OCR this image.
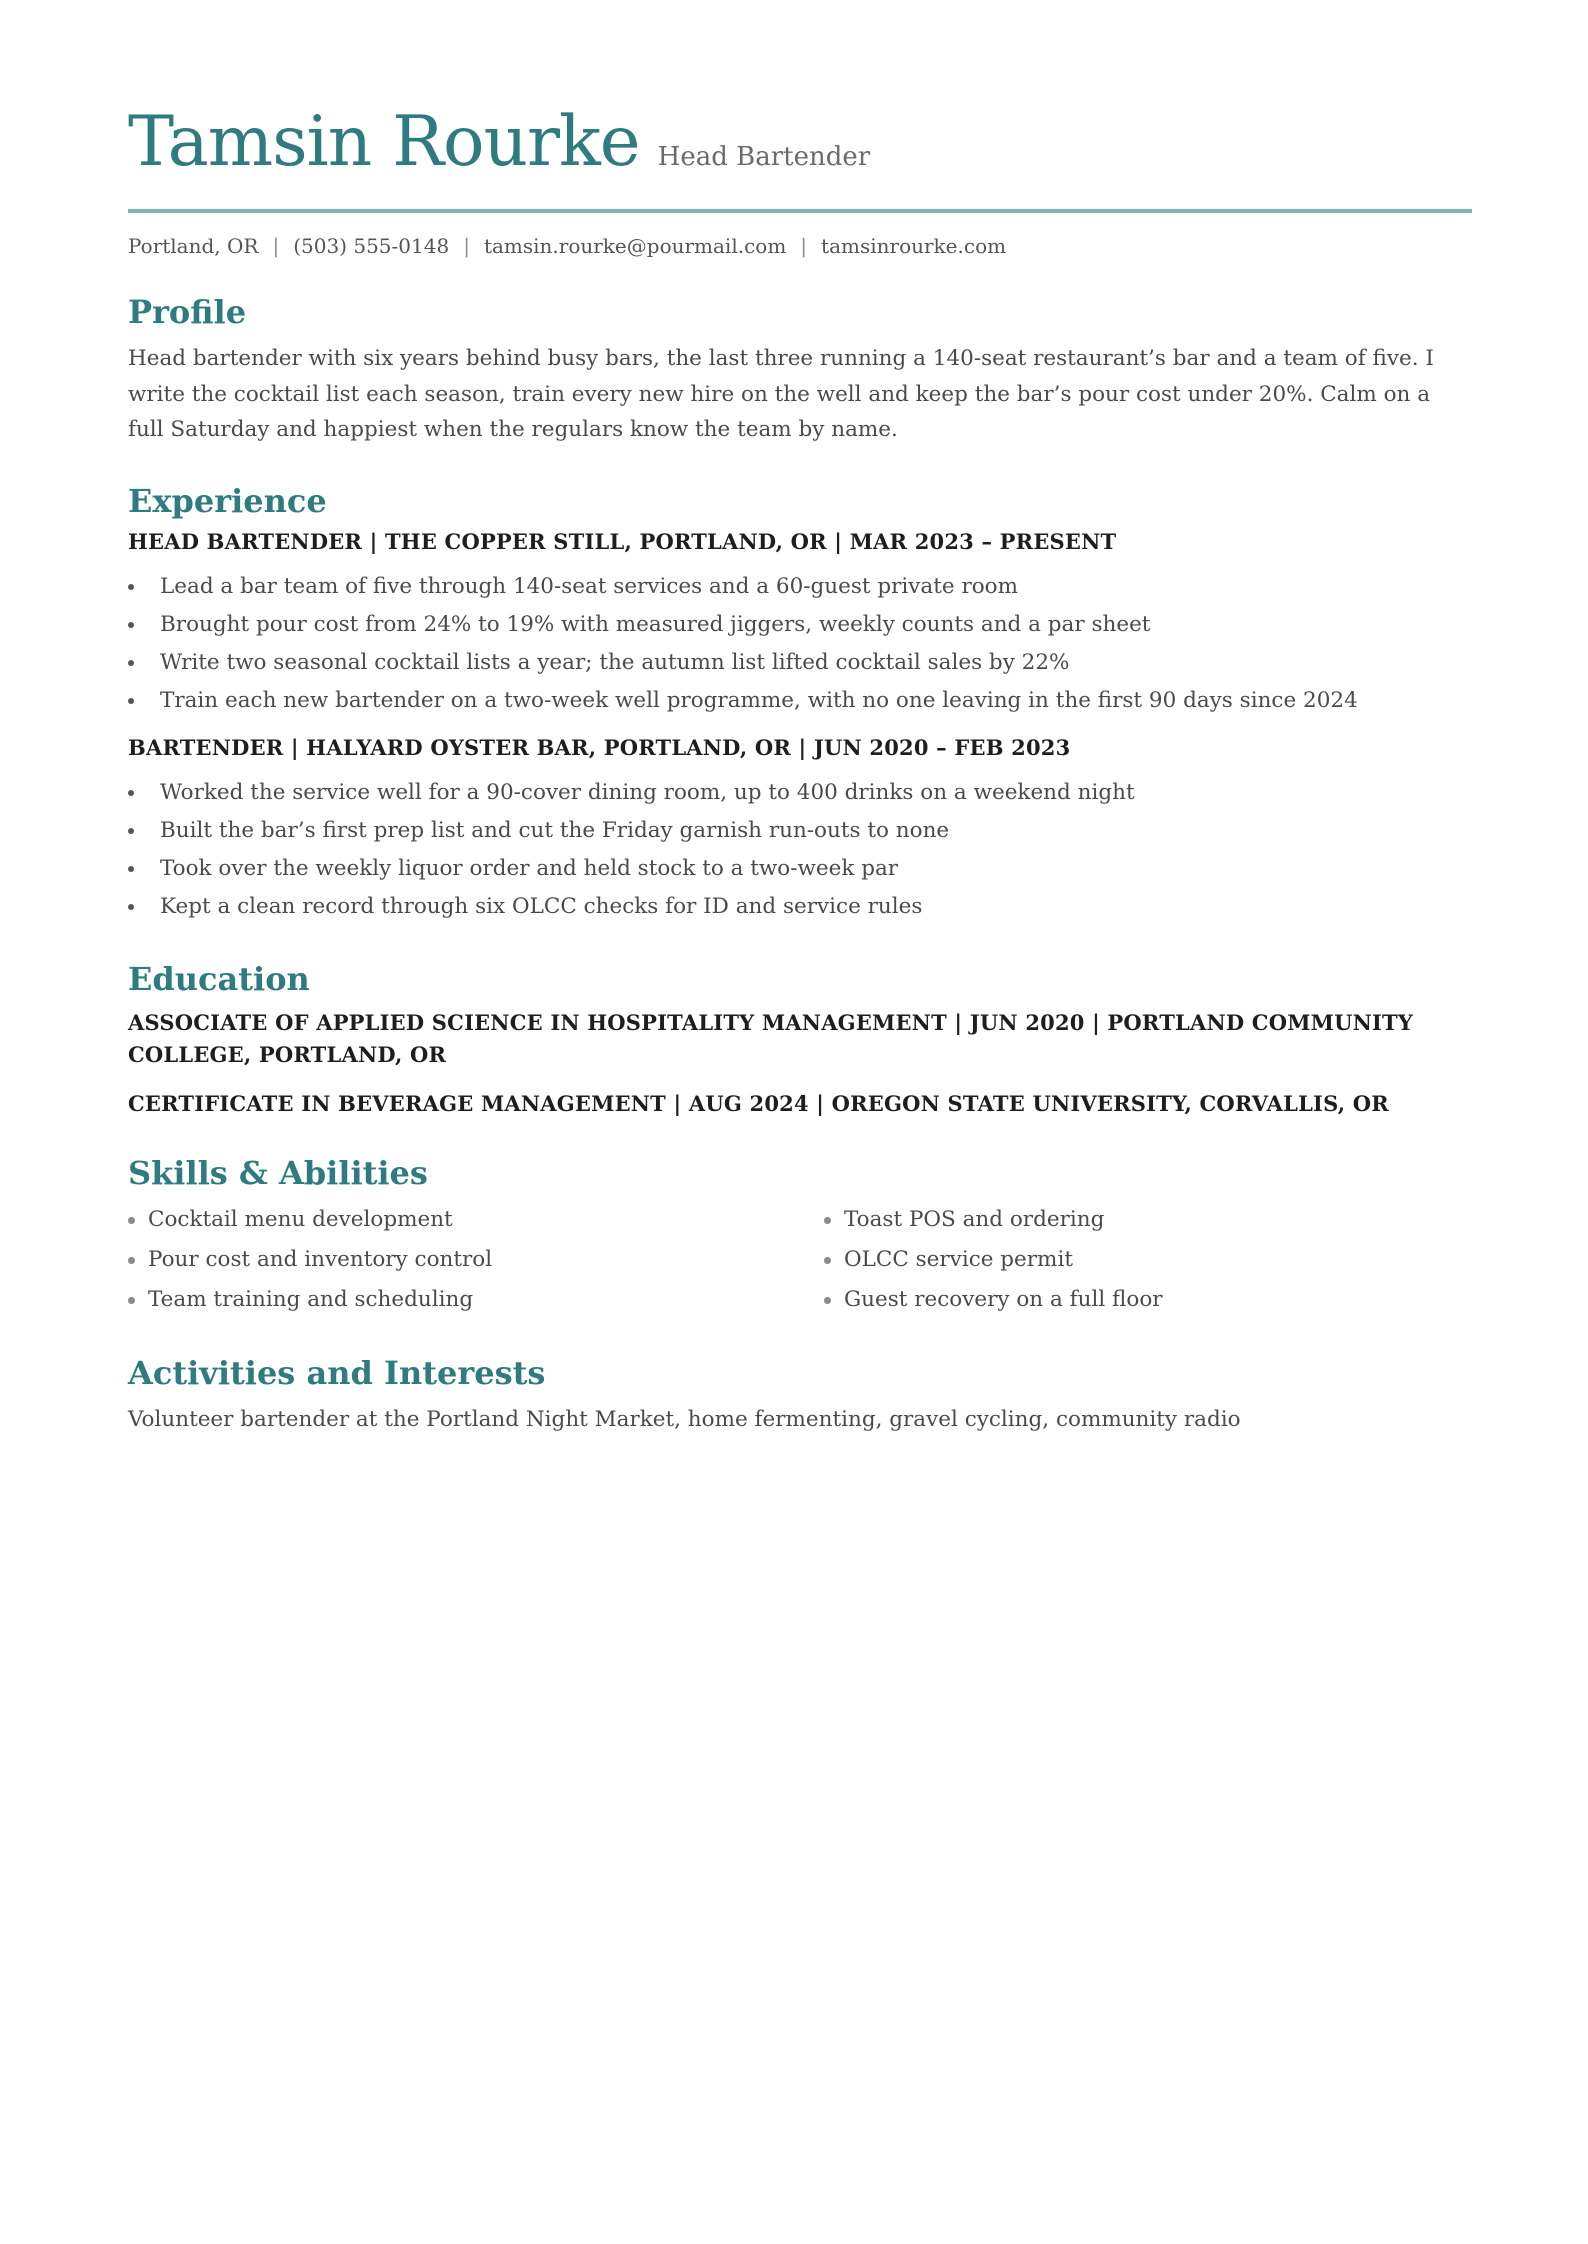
Tamsin Rourke Head Bartender
Portland, OR | (503) 555-0148 | tamsin.rourke@pourmail.com | tamsinrourke.com
Profile

Head bartender with six years behind busy bars, the last three running a 140-seat restaurant’s bar and a team of five. I write the cocktail list each season, train every new hire on the well and keep the bar’s pour cost under 20%. Calm on a full Saturday and happiest when the regulars know the team by name.

Experience
HEAD BARTENDER | THE COPPER STILL, PORTLAND, OR | MAR 2023 – PRESENT
Lead a bar team of five through 140-seat services and a 60-guest private room
Brought pour cost from 24% to 19% with measured jiggers, weekly counts and a par sheet
Write two seasonal cocktail lists a year; the autumn list lifted cocktail sales by 22%
Train each new bartender on a two-week well programme, with no one leaving in the first 90 days since 2024
BARTENDER | HALYARD OYSTER BAR, PORTLAND, OR | JUN 2020 – FEB 2023
Worked the service well for a 90-cover dining room, up to 400 drinks on a weekend night
Built the bar’s first prep list and cut the Friday garnish run-outs to none
Took over the weekly liquor order and held stock to a two-week par
Kept a clean record through six OLCC checks for ID and service rules
Education

ASSOCIATE OF APPLIED SCIENCE IN HOSPITALITY MANAGEMENT | JUN 2020 | PORTLAND COMMUNITY COLLEGE, PORTLAND, OR

CERTIFICATE IN BEVERAGE MANAGEMENT | AUG 2024 | OREGON STATE UNIVERSITY, CORVALLIS, OR

Skills & Abilities
Cocktail menu development	Toast POS and ordering
Pour cost and inventory control	OLCC service permit
Team training and scheduling	Guest recovery on a full floor
Activities and Interests

Volunteer bartender at the Portland Night Market, home fermenting, gravel cycling, community radio
